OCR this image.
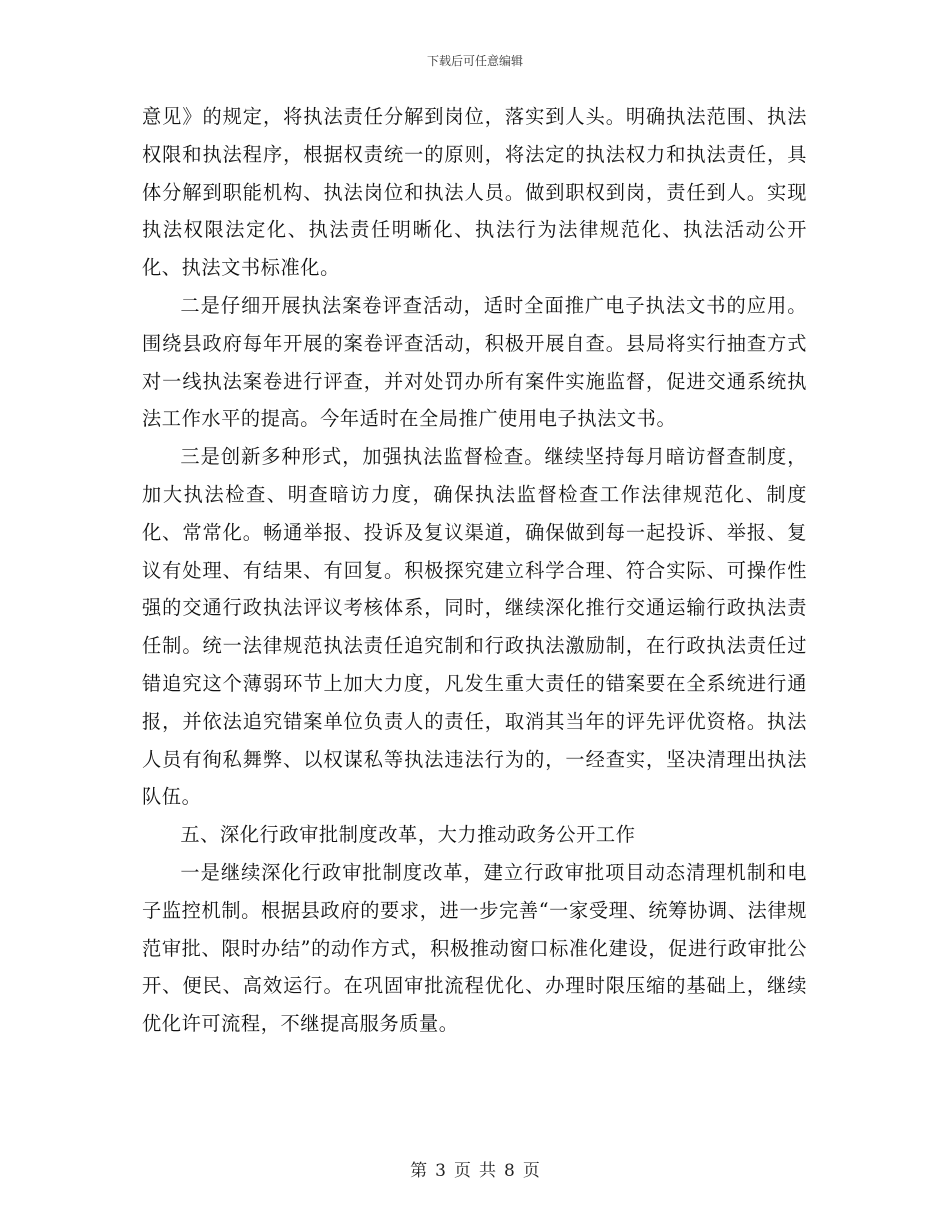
下载后可任意编辑

意见》的规定，将执法责任分解到岗位，落实到人头。明确执法范围、执法权限和执法程序，根据权责统一的原则，将法定的执法权力和执法责任，具体分解到职能机构、执法岗位和执法人员。做到职权到岗，责任到人。实现执法权限法定化、执法责任明晰化、执法行为法律规范化、执法活动公开化、执法文书标准化。

二是仔细开展执法案卷评查活动，适时全面推广电子执法文书的应用。围绕县政府每年开展的案卷评查活动，积极开展自查。县局将实行抽查方式对一线执法案卷进行评查，并对处罚办所有案件实施监督，促进交通系统执法工作水平的提高。今年适时在全局推广使用电子执法文书。

三是创新多种形式，加强执法监督检查。继续坚持每月暗访督查制度，加大执法检查、明查暗访力度，确保执法监督检查工作法律规范化、制度化、常常化。畅通举报、投诉及复议渠道，确保做到每一起投诉、举报、复议有处理、有结果、有回复。积极探究建立科学合理、符合实际、可操作性强的交通行政执法评议考核体系，同时，继续深化推行交通运输行政执法责任制。统一法律规范执法责任追究制和行政执法激励制，在行政执法责任过错追究这个薄弱环节上加大力度，凡发生重大责任的错案要在全系统进行通报，并依法追究错案单位负责人的责任，取消其当年的评先评优资格。执法人员有徇私舞弊、以权谋私等执法违法行为的，一经查实，坚决清理出执法队伍。

五、深化行政审批制度改革，大力推动政务公开工作

一是继续深化行政审批制度改革，建立行政审批项目动态清理机制和电子监控机制。根据县政府的要求，进一步完善“一家受理、统筹协调、法律规范审批、限时办结”的动作方式，积极推动窗口标准化建设，促进行政审批公开、便民、高效运行。在巩固审批流程优化、办理时限压缩的基础上，继续优化许可流程，不继提高服务质量。

第 3 页 共 8 页
